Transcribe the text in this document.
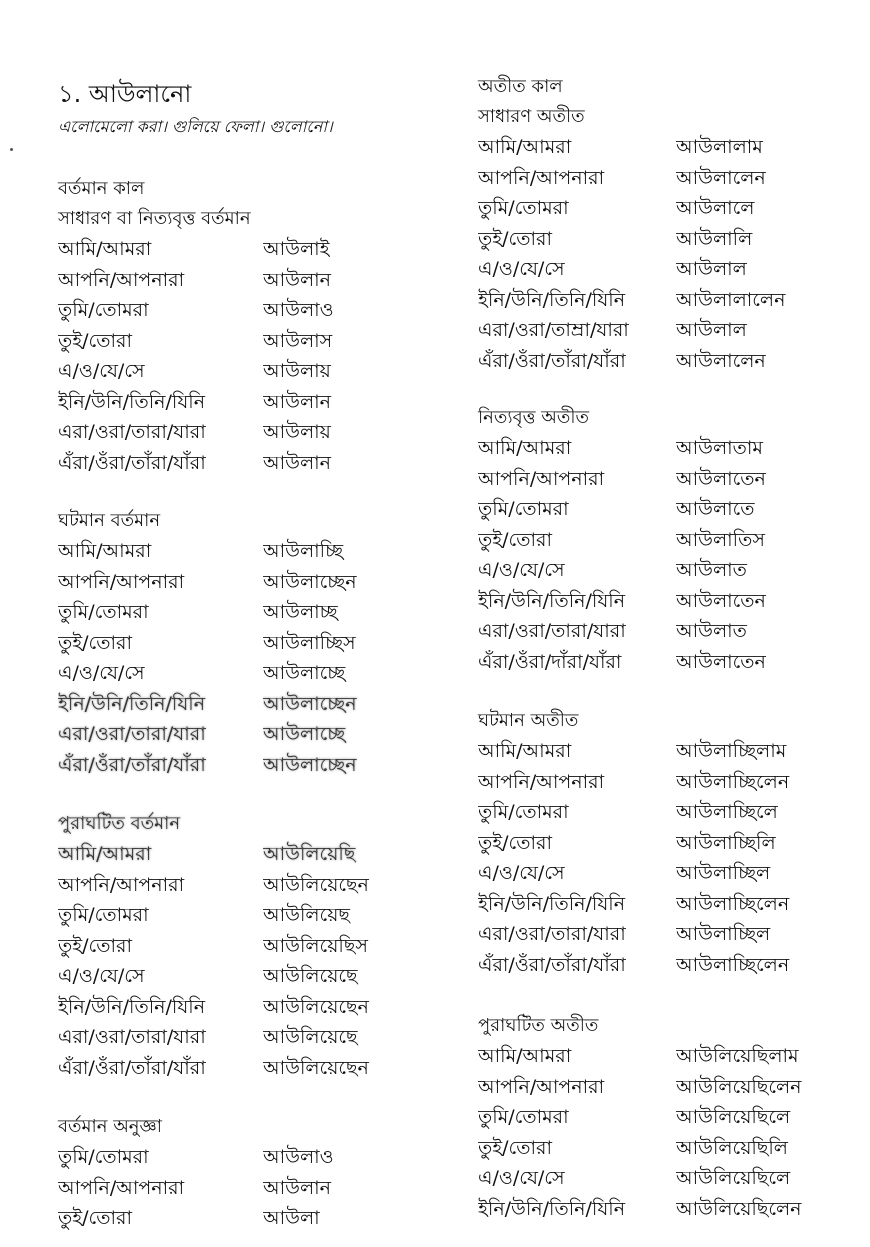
১. আউলানো
এলোমেলো করা। গুলিয়ে ফেলা। গুলোনো।
বর্তমান কাল
সাধারণ বা নিত্যবৃত্ত বর্তমান
আমি/আমরা	আউলাই
আপনি/আপনারা	আউলান
তুমি/তোমরা	আউলাও
তুই/তোরা	আউলাস
এ/ও/যে/সে	আউলায়
ইনি/উনি/তিনি/যিনি	আউলান
এরা/ওরা/তারা/যারা	আউলায়
এঁরা/ওঁরা/তাঁরা/যাঁরা	আউলান
ঘটমান বর্তমান
আমি/আমরা	আউলাচ্ছি
আপনি/আপনারা	আউলাচ্ছেন
তুমি/তোমরা	আউলাচ্ছ
তুই/তোরা	আউলাচ্ছিস
এ/ও/যে/সে	আউলাচ্ছে
ইনি/উনি/তিনি/যিনি	আউলাচ্ছেন
এরা/ওরা/তারা/যারা	আউলাচ্ছে
এঁরা/ওঁরা/তাঁরা/যাঁরা	আউলাচ্ছেন
পুরাঘটিত বর্তমান
আমি/আমরা	আউলিয়েছি
আপনি/আপনারা	আউলিয়েছেন
তুমি/তোমরা	আউলিয়েছ
তুই/তোরা	আউলিয়েছিস
এ/ও/যে/সে	আউলিয়েছে
ইনি/উনি/তিনি/যিনি	আউলিয়েছেন
এরা/ওরা/তারা/যারা	আউলিয়েছে
এঁরা/ওঁরা/তাঁরা/যাঁরা	আউলিয়েছেন
বর্তমান অনুজ্ঞা
তুমি/তোমরা	আউলাও
আপনি/আপনারা	আউলান
তুই/তোরা	আউলা
অতীত কাল
সাধারণ অতীত
আমি/আমরা	আউলালাম
আপনি/আপনারা	আউলালেন
তুমি/তোমরা	আউলালে
তুই/তোরা	আউলালি
এ/ও/যে/সে	আউলাল
ইনি/উনি/তিনি/যিনি	আউলালালেন
এরা/ওরা/তাম্রা/যারা	আউলাল
এঁরা/ওঁরা/তাঁরা/যাঁরা	আউলালেন
নিত্যবৃত্ত অতীত
আমি/আমরা	আউলাতাম
আপনি/আপনারা	আউলাতেন
তুমি/তোমরা	আউলাতে
তুই/তোরা	আউলাতিস
এ/ও/যে/সে	আউলাত
ইনি/উনি/তিনি/যিনি	আউলাতেন
এরা/ওরা/তারা/যারা	আউলাত
এঁরা/ওঁরা/দাঁরা/যাঁরা	আউলাতেন
ঘটমান অতীত
আমি/আমরা	আউলাচ্ছিলাম
আপনি/আপনারা	আউলাচ্ছিলেন
তুমি/তোমরা	আউলাচ্ছিলে
তুই/তোরা	আউলাচ্ছিলি
এ/ও/যে/সে	আউলাচ্ছিল
ইনি/উনি/তিনি/যিনি	আউলাচ্ছিলেন
এরা/ওরা/তারা/যারা	আউলাচ্ছিল
এঁরা/ওঁরা/তাঁরা/যাঁরা	আউলাচ্ছিলেন
পুরাঘটিত অতীত
আমি/আমরা	আউলিয়েছিলাম
আপনি/আপনারা	আউলিয়েছিলেন
তুমি/তোমরা	আউলিয়েছিলে
তুই/তোরা	আউলিয়েছিলি
এ/ও/যে/সে	আউলিয়েছিলে
ইনি/উনি/তিনি/যিনি	আউলিয়েছিলেন
